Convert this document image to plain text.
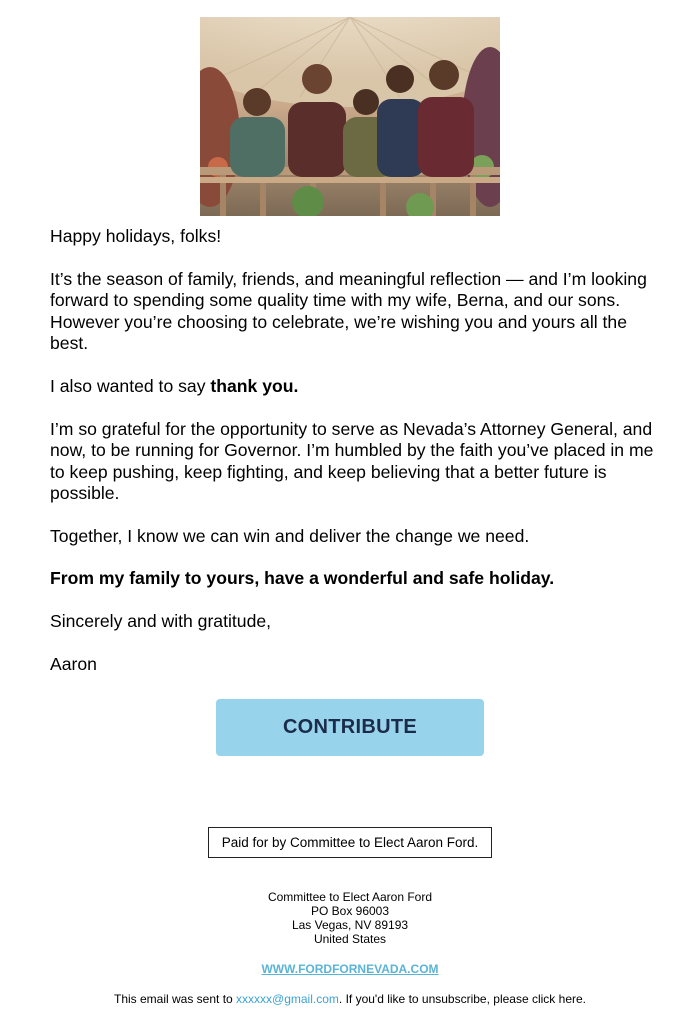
Happy holidays, folks!

It’s the season of family, friends, and meaningful reflection — and I’m looking forward to spending some quality time with my wife, Berna, and our sons. However you’re choosing to celebrate, we’re wishing you and yours all the best.

I also wanted to say thank you.

I’m so grateful for the opportunity to serve as Nevada’s Attorney General, and now, to be running for Governor. I’m humbled by the faith you’ve placed in me to keep pushing, keep fighting, and keep believing that a better future is possible.

Together, I know we can win and deliver the change we need.

From my family to yours, have a wonderful and safe holiday.

Sincerely and with gratitude,

Aaron

CONTRIBUTE
Paid for by Committee to Elect Aaron Ford.
Committee to Elect Aaron Ford
PO Box 96003
Las Vegas, NV 89193
United States
WWW.FORDFORNEVADA.COM
This email was sent to xxxxxx@gmail.com. If you'd like to unsubscribe, please click here.
